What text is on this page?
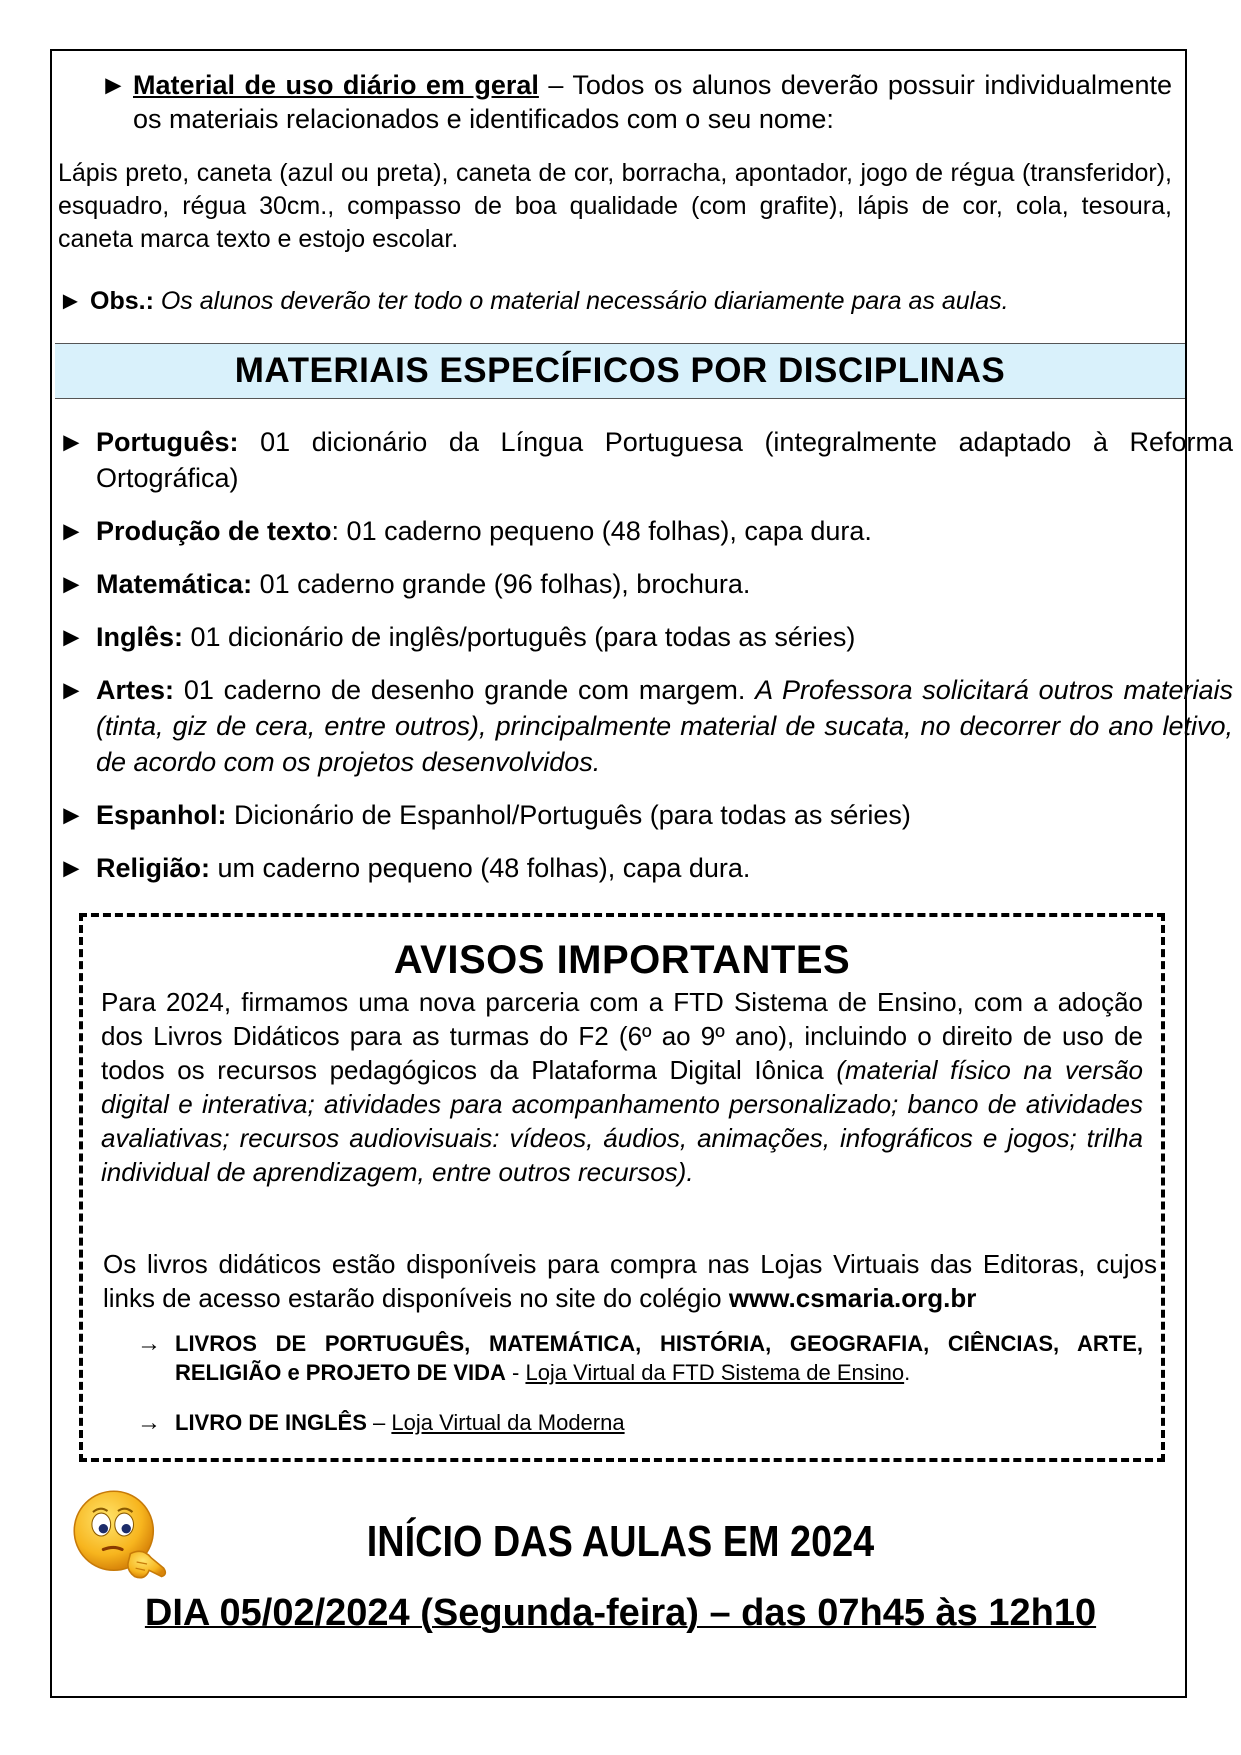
► Material de uso diário em geral – Todos os alunos deverão possuir individualmente os materiais relacionados e identificados com o seu nome:
Lápis preto, caneta (azul ou preta), caneta de cor, borracha, apontador, jogo de régua (transferidor), esquadro, régua 30cm., compasso de boa qualidade (com grafite), lápis de cor, cola, tesoura, caneta marca texto e estojo escolar.
► Obs.: Os alunos deverão ter todo o material necessário diariamente para as aulas.
MATERIAIS ESPECÍFICOS POR DISCIPLINAS
► Português: 01 dicionário da Língua Portuguesa (integralmente adaptado à Reforma Ortográfica)
► Produção de texto: 01 caderno pequeno (48 folhas), capa dura.
► Matemática: 01 caderno grande (96 folhas), brochura.
► Inglês: 01 dicionário de inglês/português (para todas as séries)
► Artes: 01 caderno de desenho grande com margem. A Professora solicitará outros materiais (tinta, giz de cera, entre outros), principalmente material de sucata, no decorrer do ano letivo, de acordo com os projetos desenvolvidos.
► Espanhol: Dicionário de Espanhol/Português (para todas as séries)
► Religião: um caderno pequeno (48 folhas), capa dura.
AVISOS IMPORTANTES
Para 2024, firmamos uma nova parceria com a FTD Sistema de Ensino, com a adoção dos Livros Didáticos para as turmas do F2 (6º ao 9º ano), incluindo o direito de uso de todos os recursos pedagógicos da Plataforma Digital Iônica (material físico na versão digital e interativa; atividades para acompanhamento personalizado; banco de atividades avaliativas; recursos audiovisuais: vídeos, áudios, animações, infográficos e jogos; trilha individual de aprendizagem, entre outros recursos).
Os livros didáticos estão disponíveis para compra nas Lojas Virtuais das Editoras, cujos links de acesso estarão disponíveis no site do colégio www.csmaria.org.br
→ LIVROS DE PORTUGUÊS, MATEMÁTICA, HISTÓRIA, GEOGRAFIA, CIÊNCIAS, ARTE, RELIGIÃO e PROJETO DE VIDA - Loja Virtual da FTD Sistema de Ensino.
→ LIVRO DE INGLÊS – Loja Virtual da Moderna
INÍCIO DAS AULAS EM 2024
DIA 05/02/2024 (Segunda-feira) – das 07h45 às 12h10
